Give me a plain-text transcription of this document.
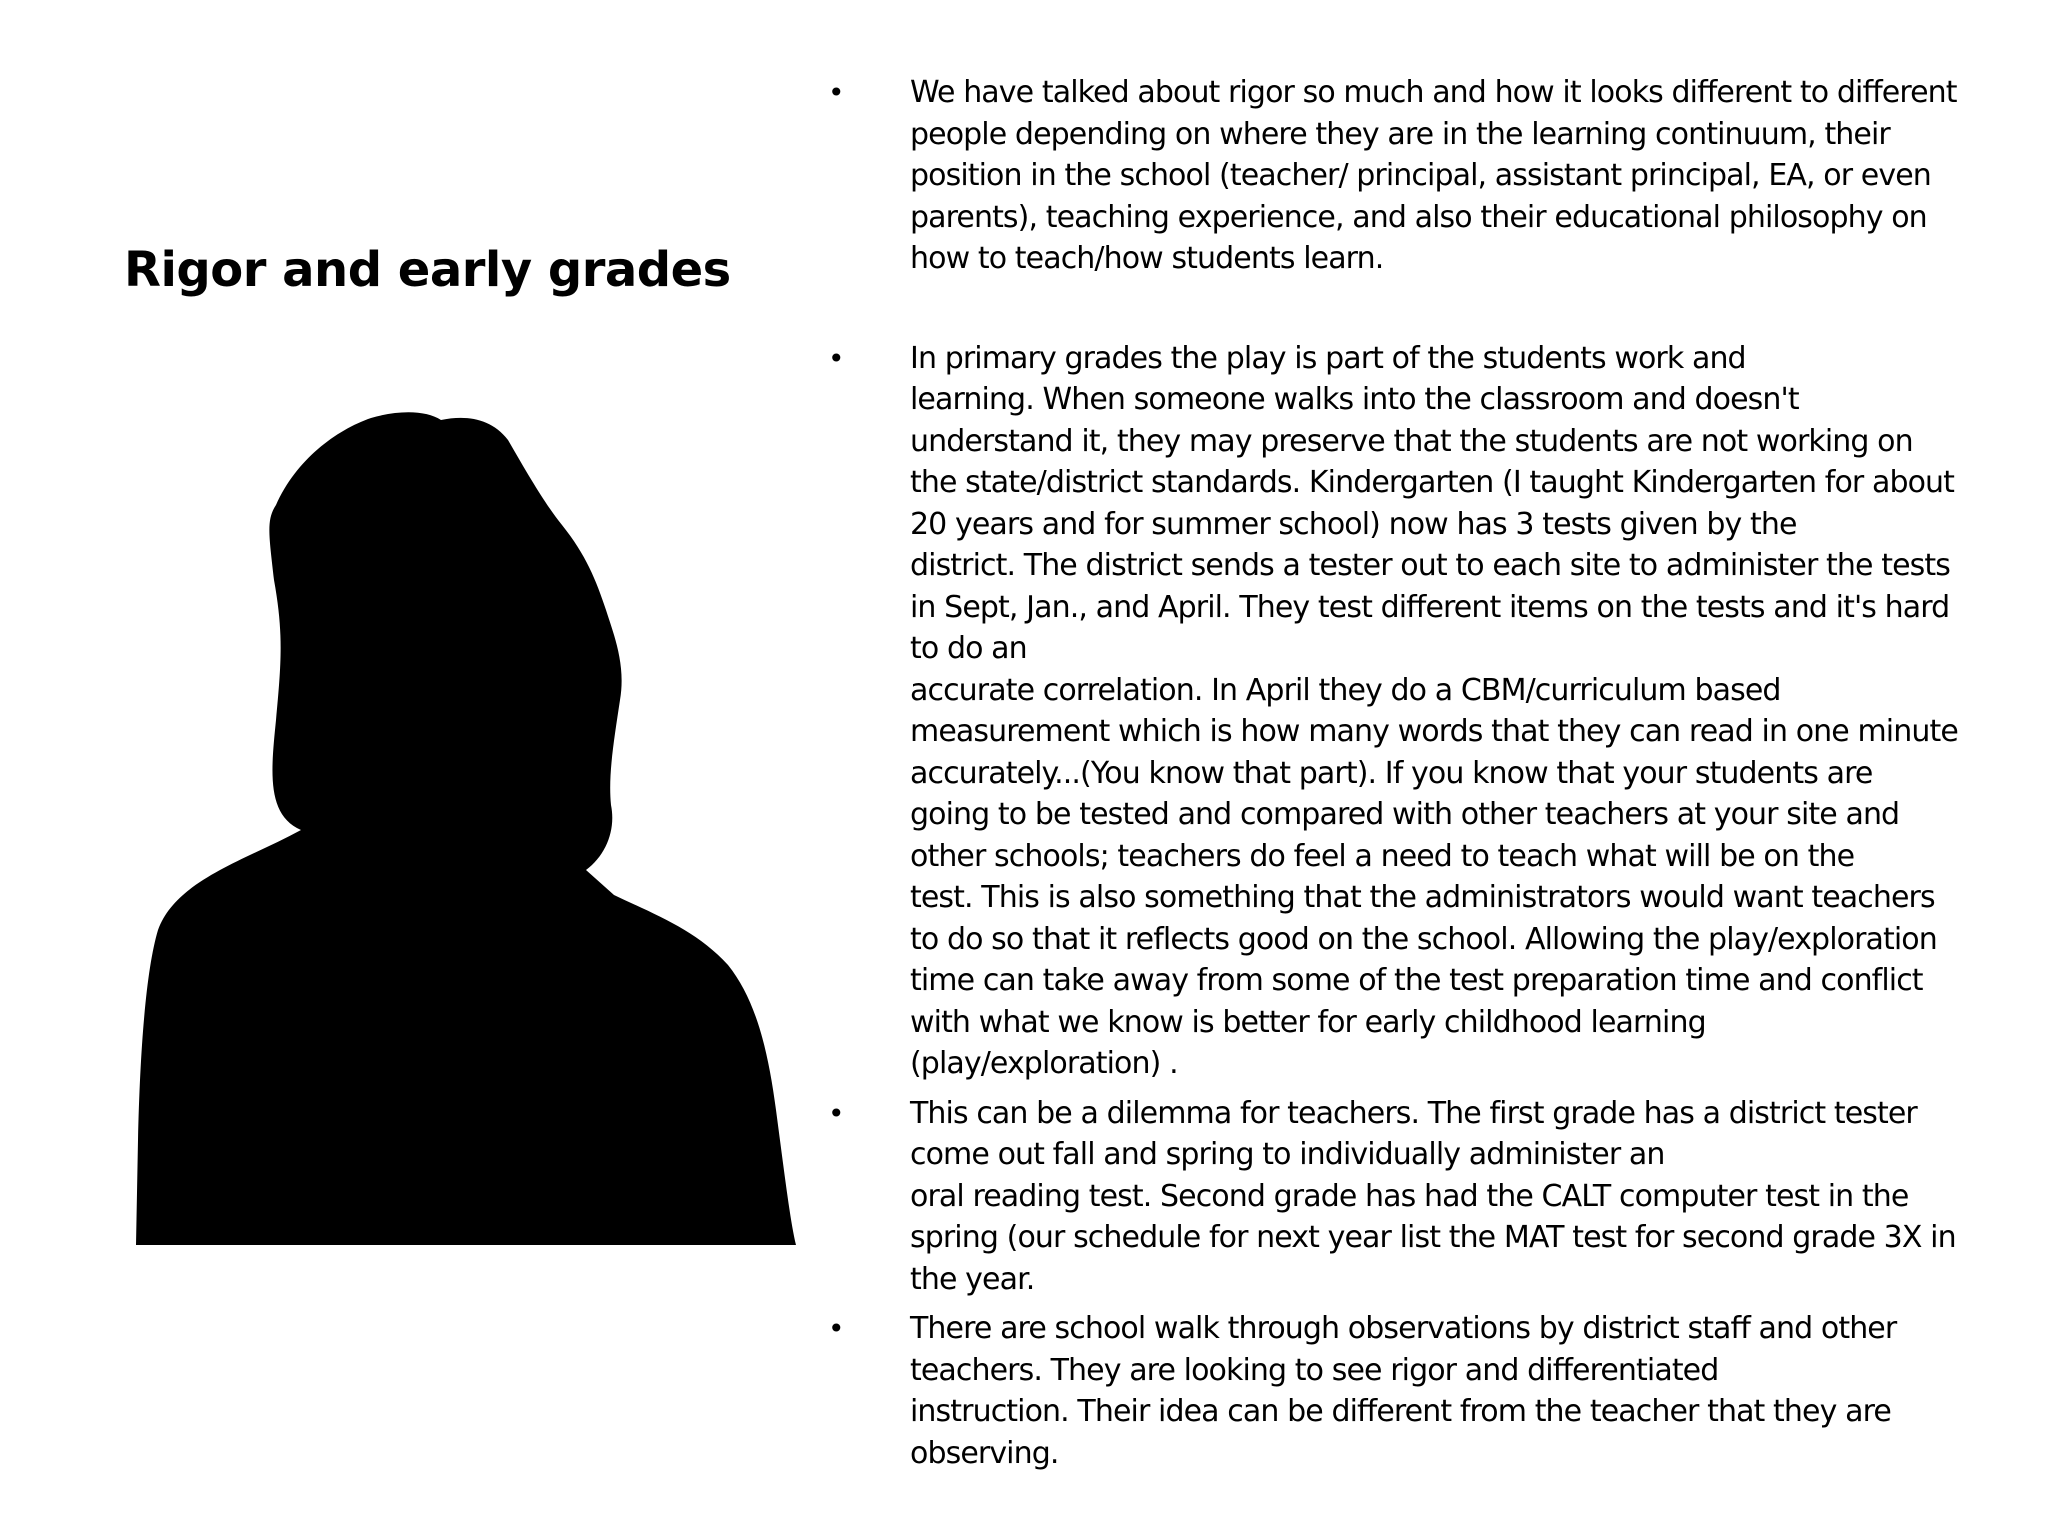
Rigor and early grades
• We have talked about rigor so much and how it looks different to different
people depending on where they are in the learning continuum, their
position in the school (teacher/ principal, assistant principal, EA, or even
parents), teaching experience, and also their educational philosophy on
how to teach/how students learn.
• In primary grades the play is part of the students work and
learning. When someone walks into the classroom and doesn't
understand it, they may preserve that the students are not working on
the state/district standards. Kindergarten (I taught Kindergarten for about
20 years and for summer school) now has 3 tests given by the
district. The district sends a tester out to each site to administer the tests
in Sept, Jan., and April. They test different items on the tests and it's hard
to do an
accurate correlation. In April they do a CBM/curriculum based
measurement which is how many words that they can read in one minute
accurately...(You know that part). If you know that your students are
going to be tested and compared with other teachers at your site and
other schools; teachers do feel a need to teach what will be on the
test. This is also something that the administrators would want teachers
to do so that it reflects good on the school. Allowing the play/exploration
time can take away from some of the test preparation time and conflict
with what we know is better for early childhood learning
(play/exploration) .
• This can be a dilemma for teachers. The first grade has a district tester
come out fall and spring to individually administer an
oral reading test. Second grade has had the CALT computer test in the
spring (our schedule for next year list the MAT test for second grade 3X in
the year.
• There are school walk through observations by district staff and other
teachers. They are looking to see rigor and differentiated
instruction. Their idea can be different from the teacher that they are
observing.
